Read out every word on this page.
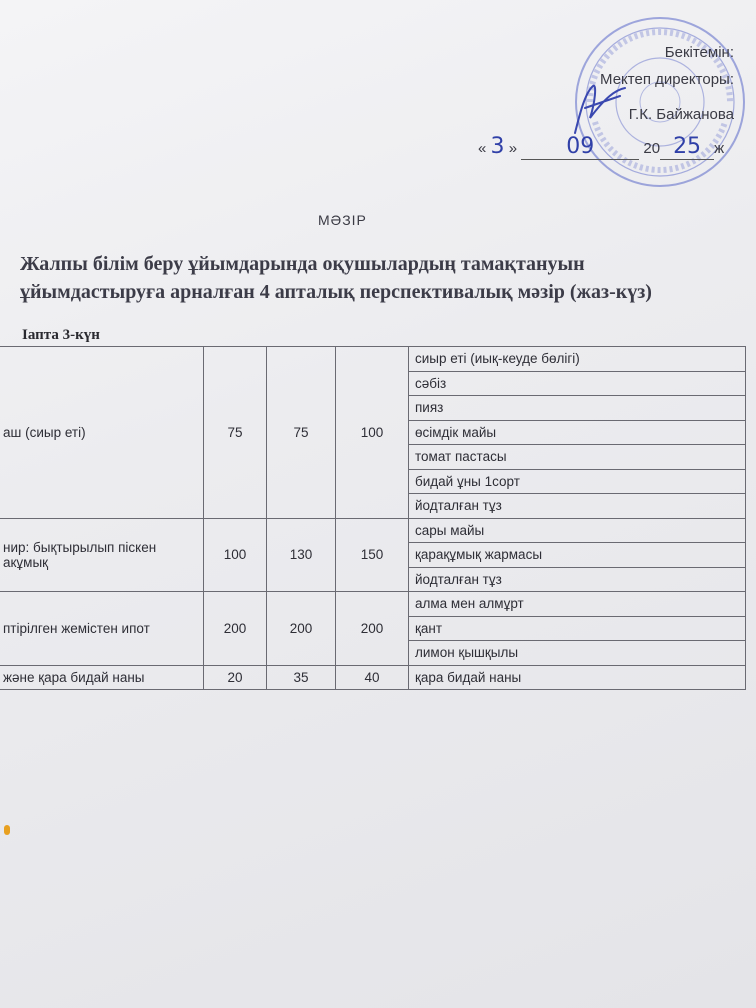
Бекітемін:
Мектеп директоры:
Г.К. Байжанова
« 3 » 09	20 25 ж
МӘЗІР
Жалпы білім беру ұйымдарында оқушылардың тамақтануын
ұйымдастыруға арналған 4 апталық перспективалық мәзір (жаз-күз)
Іапта 3-күн
аш (сиыр еті)	75	75	100	сиыр еті (иық-кеуде бөлігі)
				сәбіз
				пияз
				өсімдік майы
				томат пастасы
				бидай ұны 1сорт
				йодталған тұз
нир: бықтырылып піскен акұмық	100	130	150	сары майы
				қарақұмық жармасы
				йодталған тұз
птірілген жемістен ипот	200	200	200	алма мен алмұрт
				қант
				лимон қышқылы
және қара бидай наны	20	35	40	қара бидай наны
